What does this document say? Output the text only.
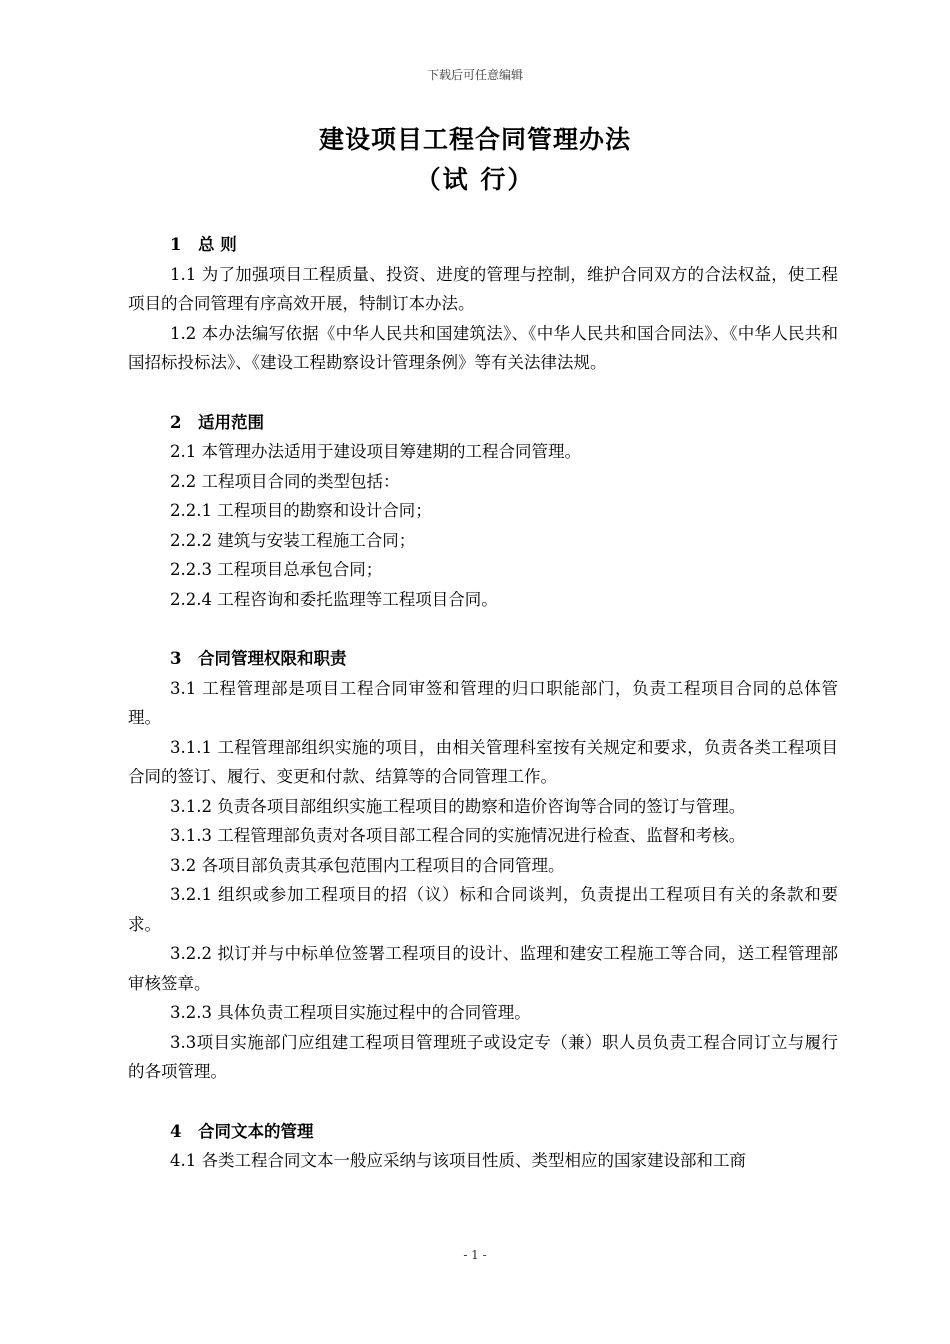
下载后可任意编辑
建设项目工程合同管理办法
（试 行）
1　总 则
1.1 为了加强项目工程质量、投资、进度的管理与控制，维护合同双方的合法权益，使工程项目的合同管理有序高效开展，特制订本办法。
1.2 本办法编写依据《中华人民共和国建筑法》、《中华人民共和国合同法》、《中华人民共和国招标投标法》、《建设工程勘察设计管理条例》等有关法律法规。
2　适用范围
2.1 本管理办法适用于建设项目筹建期的工程合同管理。
2.2 工程项目合同的类型包括：
2.2.1 工程项目的勘察和设计合同；
2.2.2 建筑与安装工程施工合同；
2.2.3 工程项目总承包合同；
2.2.4 工程咨询和委托监理等工程项目合同。
3　合同管理权限和职责
3.1 工程管理部是项目工程合同审签和管理的归口职能部门，负责工程项目合同的总体管理。
3.1.1 工程管理部组织实施的项目，由相关管理科室按有关规定和要求，负责各类工程项目合同的签订、履行、变更和付款、结算等的合同管理工作。
3.1.2 负责各项目部组织实施工程项目的勘察和造价咨询等合同的签订与管理。
3.1.3 工程管理部负责对各项目部工程合同的实施情况进行检查、监督和考核。
3.2 各项目部负责其承包范围内工程项目的合同管理。
3.2.1 组织或参加工程项目的招（议）标和合同谈判，负责提出工程项目有关的条款和要求。
3.2.2 拟订并与中标单位签署工程项目的设计、监理和建安工程施工等合同，送工程管理部审核签章。
3.2.3 具体负责工程项目实施过程中的合同管理。
3.3项目实施部门应组建工程项目管理班子或设定专（兼）职人员负责工程合同订立与履行的各项管理。
4　合同文本的管理
4.1 各类工程合同文本一般应采纳与该项目性质、类型相应的国家建设部和工商
- 1 -
